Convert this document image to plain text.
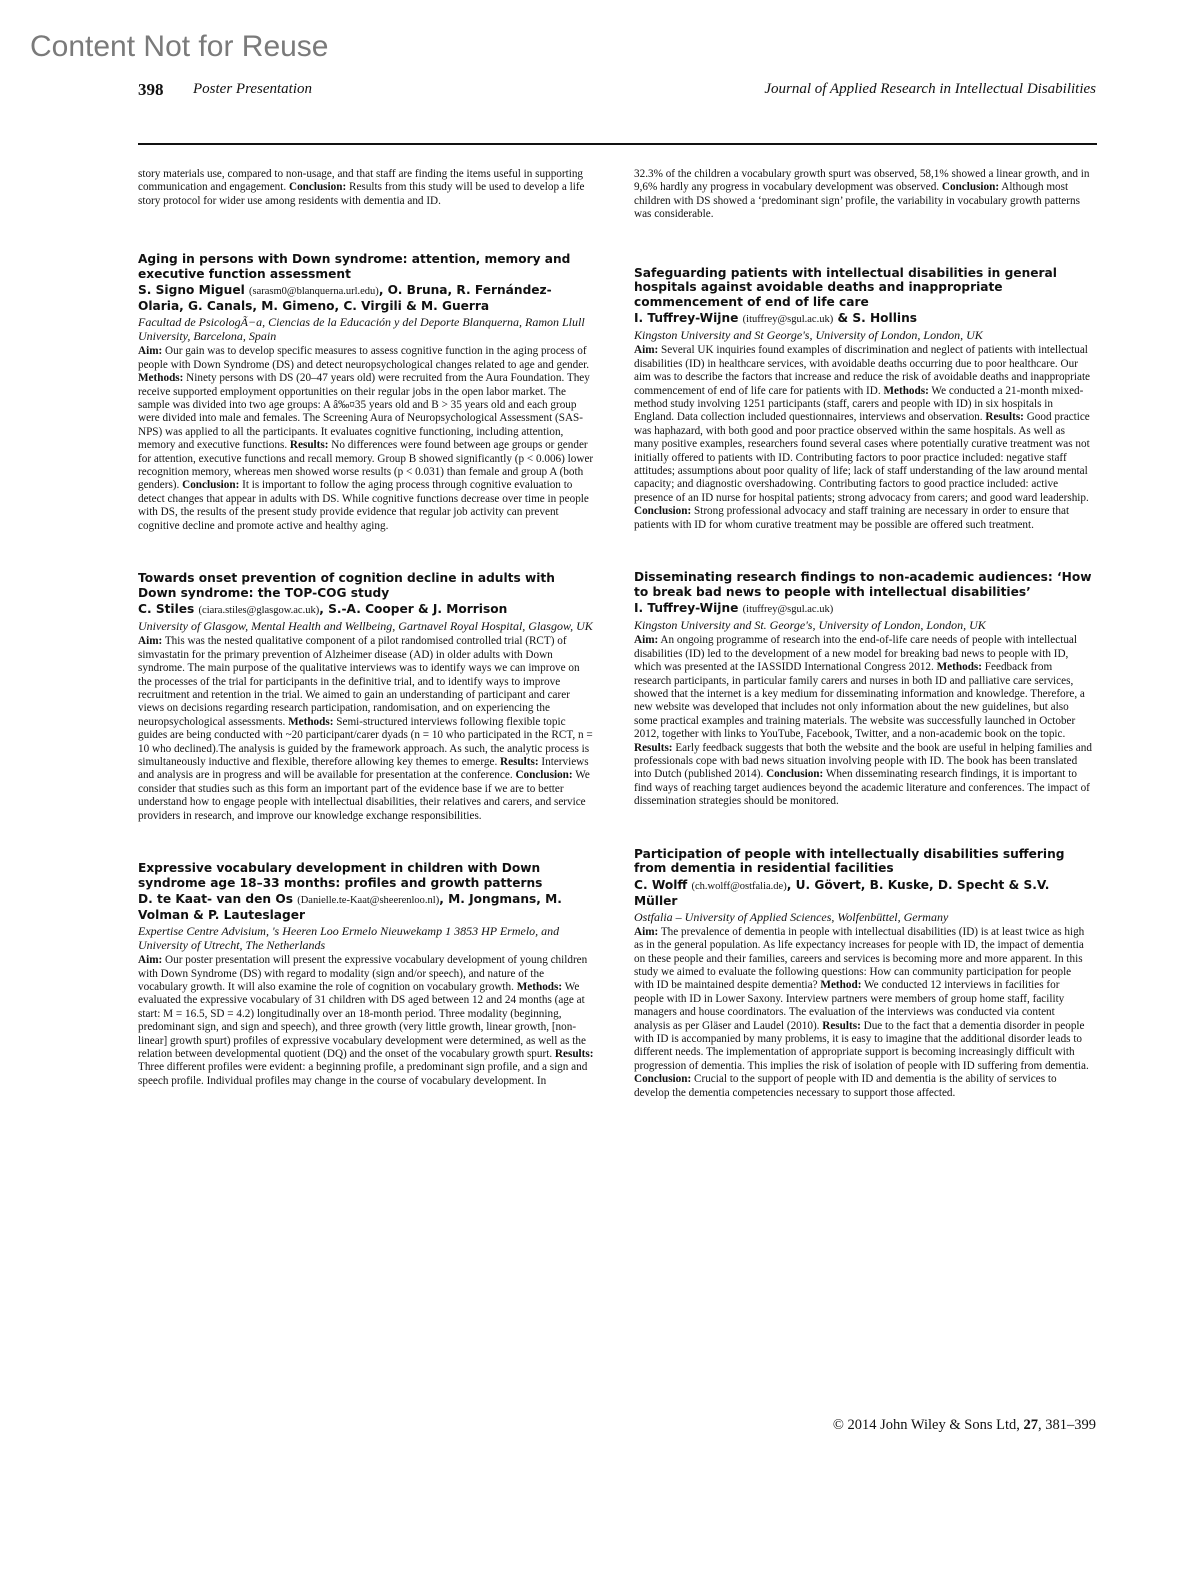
Content Not for Reuse
398 Poster Presentation	Journal of Applied Research in Intellectual Disabilities

story materials use, compared to non-usage, and that staff are finding the items useful in supporting communication and engagement. Conclusion: Results from this study will be used to develop a life story protocol for wider use among residents with dementia and ID.

Aging in persons with Down syndrome: attention, memory and executive function assessment

S. Signo Miguel (sarasm0@blanquerna.url.edu), O. Bruna, R. Fernández-Olaria, G. Canals, M. Gimeno, C. Virgili & M. Guerra

Facultad de PsicologÃ−a, Ciencias de la Educación y del Deporte Blanquerna, Ramon Llull University, Barcelona, Spain

Aim: Our gain was to develop specific measures to assess cognitive function in the aging process of people with Down Syndrome (DS) and detect neuropsychological changes related to age and gender. Methods: Ninety persons with DS (20–47 years old) were recruited from the Aura Foundation. They receive supported employment opportunities on their regular jobs in the open labor market. The sample was divided into two age groups: A â‰¤35 years old and B > 35 years old and each group were divided into male and females. The Screening Aura of Neuropsychological Assessment (SAS-NPS) was applied to all the participants. It evaluates cognitive functioning, including attention, memory and executive functions. Results: No differences were found between age groups or gender for attention, executive functions and recall memory. Group B showed significantly (p < 0.006) lower recognition memory, whereas men showed worse results (p < 0.031) than female and group A (both genders). Conclusion: It is important to follow the aging process through cognitive evaluation to detect changes that appear in adults with DS. While cognitive functions decrease over time in people with DS, the results of the present study provide evidence that regular job activity can prevent cognitive decline and promote active and healthy aging.

Towards onset prevention of cognition decline in adults with Down syndrome: the TOP-COG study

C. Stiles (ciara.stiles@glasgow.ac.uk), S.-A. Cooper & J. Morrison

University of Glasgow, Mental Health and Wellbeing, Gartnavel Royal Hospital, Glasgow, UK

Aim: This was the nested qualitative component of a pilot randomised controlled trial (RCT) of simvastatin for the primary prevention of Alzheimer disease (AD) in older adults with Down syndrome. The main purpose of the qualitative interviews was to identify ways we can improve on the processes of the trial for participants in the definitive trial, and to identify ways to improve recruitment and retention in the trial. We aimed to gain an understanding of participant and carer views on decisions regarding research participation, randomisation, and on experiencing the neuropsychological assessments. Methods: Semi-structured interviews following flexible topic guides are being conducted with ~20 participant/carer dyads (n = 10 who participated in the RCT, n = 10 who declined).The analysis is guided by the framework approach. As such, the analytic process is simultaneously inductive and flexible, therefore allowing key themes to emerge. Results: Interviews and analysis are in progress and will be available for presentation at the conference. Conclusion: We consider that studies such as this form an important part of the evidence base if we are to better understand how to engage people with intellectual disabilities, their relatives and carers, and service providers in research, and improve our knowledge exchange responsibilities.

Expressive vocabulary development in children with Down syndrome age 18–33 months: profiles and growth patterns

D. te Kaat- van den Os (Danielle.te-Kaat@sheerenloo.nl), M. Jongmans, M. Volman & P. Lauteslager

Expertise Centre Advisium, 's Heeren Loo Ermelo Nieuwekamp 1 3853 HP Ermelo, and University of Utrecht, The Netherlands

Aim: Our poster presentation will present the expressive vocabulary development of young children with Down Syndrome (DS) with regard to modality (sign and/or speech), and nature of the vocabulary growth. It will also examine the role of cognition on vocabulary growth. Methods: We evaluated the expressive vocabulary of 31 children with DS aged between 12 and 24 months (age at start: M = 16.5, SD = 4.2) longitudinally over an 18-month period. Three modality (beginning, predominant sign, and sign and speech), and three growth (very little growth, linear growth, [non-linear] growth spurt) profiles of expressive vocabulary development were determined, as well as the relation between developmental quotient (DQ) and the onset of the vocabulary growth spurt. Results: Three different profiles were evident: a beginning profile, a predominant sign profile, and a sign and speech profile. Individual profiles may change in the course of vocabulary development. In

32.3% of the children a vocabulary growth spurt was observed, 58,1% showed a linear growth, and in 9,6% hardly any progress in vocabulary development was observed. Conclusion: Although most children with DS showed a ‘predominant sign’ profile, the variability in vocabulary growth patterns was considerable.

Safeguarding patients with intellectual disabilities in general hospitals against avoidable deaths and inappropriate commencement of end of life care

I. Tuffrey-Wijne (ituffrey@sgul.ac.uk) & S. Hollins

Kingston University and St George's, University of London, London, UK

Aim: Several UK inquiries found examples of discrimination and neglect of patients with intellectual disabilities (ID) in healthcare services, with avoidable deaths occurring due to poor healthcare. Our aim was to describe the factors that increase and reduce the risk of avoidable deaths and inappropriate commencement of end of life care for patients with ID. Methods: We conducted a 21-month mixed-method study involving 1251 participants (staff, carers and people with ID) in six hospitals in England. Data collection included questionnaires, interviews and observation. Results: Good practice was haphazard, with both good and poor practice observed within the same hospitals. As well as many positive examples, researchers found several cases where potentially curative treatment was not initially offered to patients with ID. Contributing factors to poor practice included: negative staff attitudes; assumptions about poor quality of life; lack of staff understanding of the law around mental capacity; and diagnostic overshadowing. Contributing factors to good practice included: active presence of an ID nurse for hospital patients; strong advocacy from carers; and good ward leadership. Conclusion: Strong professional advocacy and staff training are necessary in order to ensure that patients with ID for whom curative treatment may be possible are offered such treatment.

Disseminating research findings to non-academic audiences: ‘How to break bad news to people with intellectual disabilities’

I. Tuffrey-Wijne (ituffrey@sgul.ac.uk)

Kingston University and St. George's, University of London, London, UK

Aim: An ongoing programme of research into the end-of-life care needs of people with intellectual disabilities (ID) led to the development of a new model for breaking bad news to people with ID, which was presented at the IASSIDD International Congress 2012. Methods: Feedback from research participants, in particular family carers and nurses in both ID and palliative care services, showed that the internet is a key medium for disseminating information and knowledge. Therefore, a new website was developed that includes not only information about the new guidelines, but also some practical examples and training materials. The website was successfully launched in October 2012, together with links to YouTube, Facebook, Twitter, and a non-academic book on the topic. Results: Early feedback suggests that both the website and the book are useful in helping families and professionals cope with bad news situation involving people with ID. The book has been translated into Dutch (published 2014). Conclusion: When disseminating research findings, it is important to find ways of reaching target audiences beyond the academic literature and conferences. The impact of dissemination strategies should be monitored.

Participation of people with intellectually disabilities suffering from dementia in residential facilities

C. Wolff (ch.wolff@ostfalia.de), U. Gövert, B. Kuske, D. Specht & S.V. Müller

Ostfalia – University of Applied Sciences, Wolfenbüttel, Germany

Aim: The prevalence of dementia in people with intellectual disabilities (ID) is at least twice as high as in the general population. As life expectancy increases for people with ID, the impact of dementia on these people and their families, careers and services is becoming more and more apparent. In this study we aimed to evaluate the following questions: How can community participation for people with ID be maintained despite dementia? Method: We conducted 12 interviews in facilities for people with ID in Lower Saxony. Interview partners were members of group home staff, facility managers and house coordinators. The evaluation of the interviews was conducted via content analysis as per Gläser and Laudel (2010). Results: Due to the fact that a dementia disorder in people with ID is accompanied by many problems, it is easy to imagine that the additional disorder leads to different needs. The implementation of appropriate support is becoming increasingly difficult with progression of dementia. This implies the risk of isolation of people with ID suffering from dementia. Conclusion: Crucial to the support of people with ID and dementia is the ability of services to develop the dementia competencies necessary to support those affected.

© 2014 John Wiley & Sons Ltd, 27, 381–399
